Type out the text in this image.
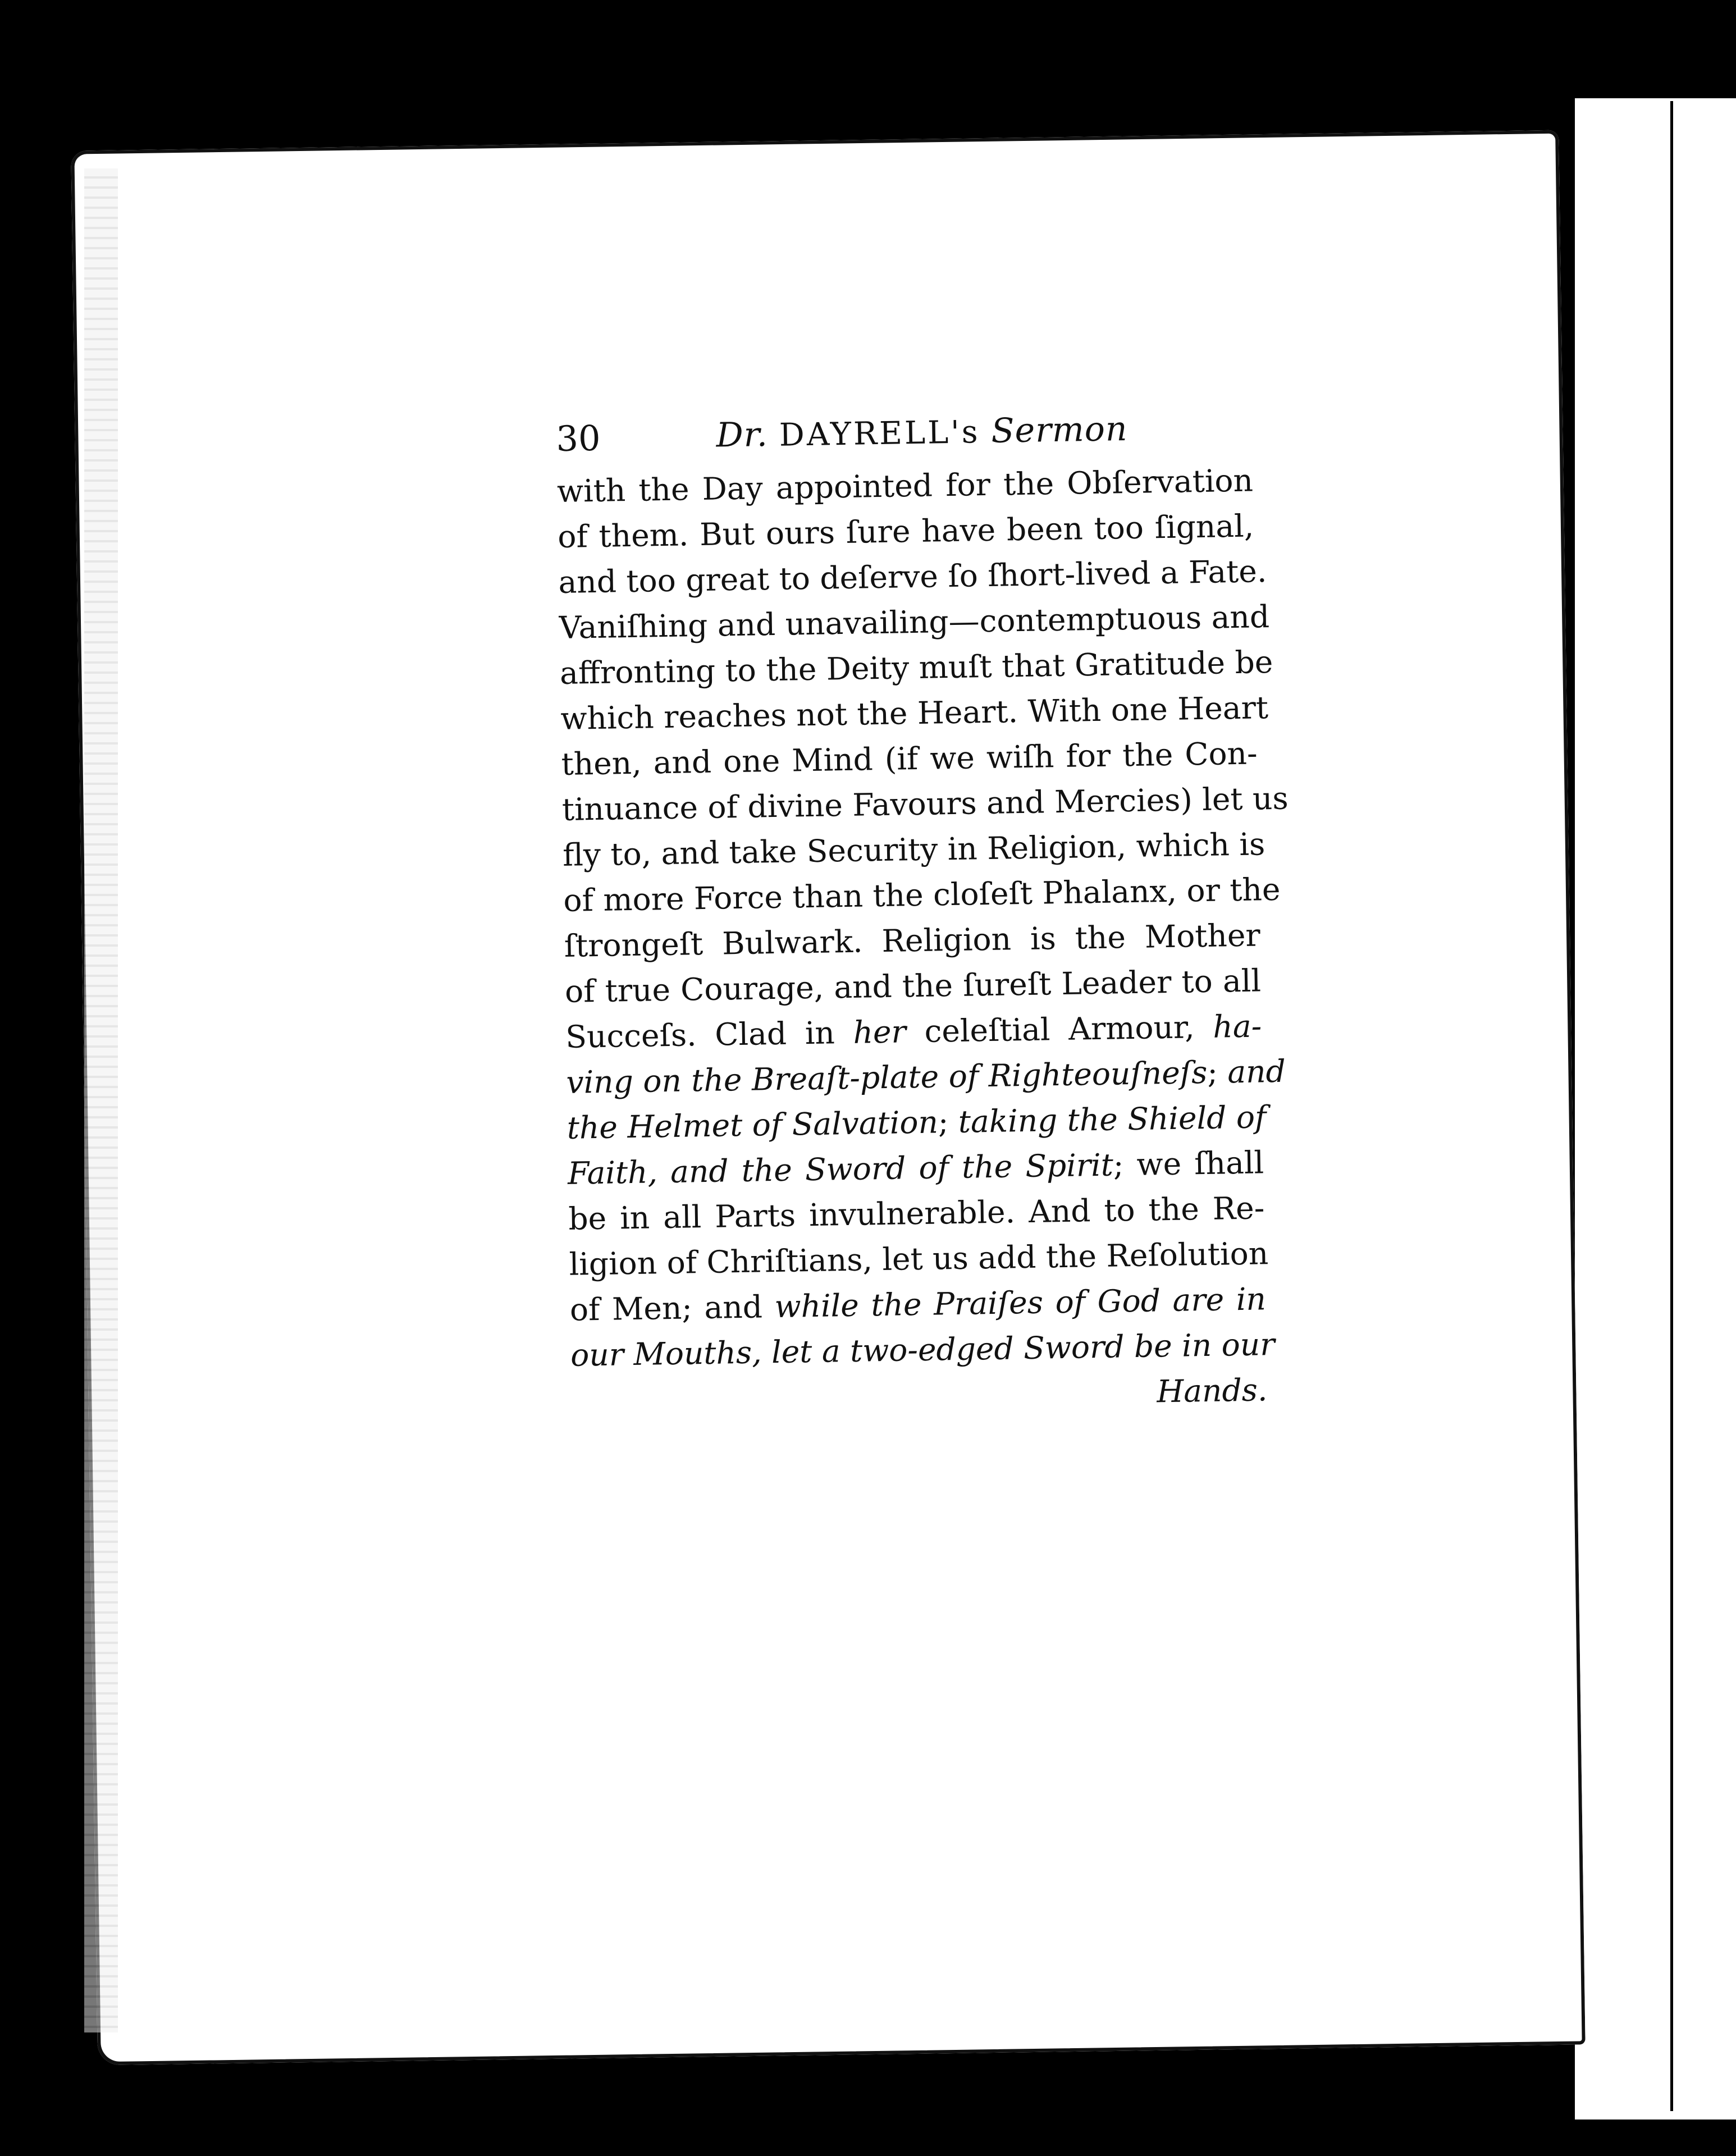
30	Dr. DAYRELL's Sermon
with the Day appointed for the Obſervation
of them. But ours ſure have been too ſignal,
and too great to deſerve ſo ſhort-lived a Fate.
Vaniſhing and unavailing—contemptuous and
affronting to the Deity muſt that Gratitude be
which reaches not the Heart. With one Heart
then, and one Mind (if we wiſh for the Con-
tinuance of divine Favours and Mercies) let us
fly to, and take Security in Religion, which is
of more Force than the cloſeſt Phalanx, or the
ſtrongeſt Bulwark. Religion is the Mother
of true Courage, and the ſureſt Leader to all
Succeſs. Clad in her celeſtial Armour, ha-
ving on the Breaſt-plate of Righteouſneſs; and
the Helmet of Salvation; taking the Shield of
Faith, and the Sword of the Spirit; we ſhall
be in all Parts invulnerable. And to the Re-
ligion of Chriſtians, let us add the Reſolution
of Men; and while the Praiſes of God are in
our Mouths, let a two-edged Sword be in our
Hands.
